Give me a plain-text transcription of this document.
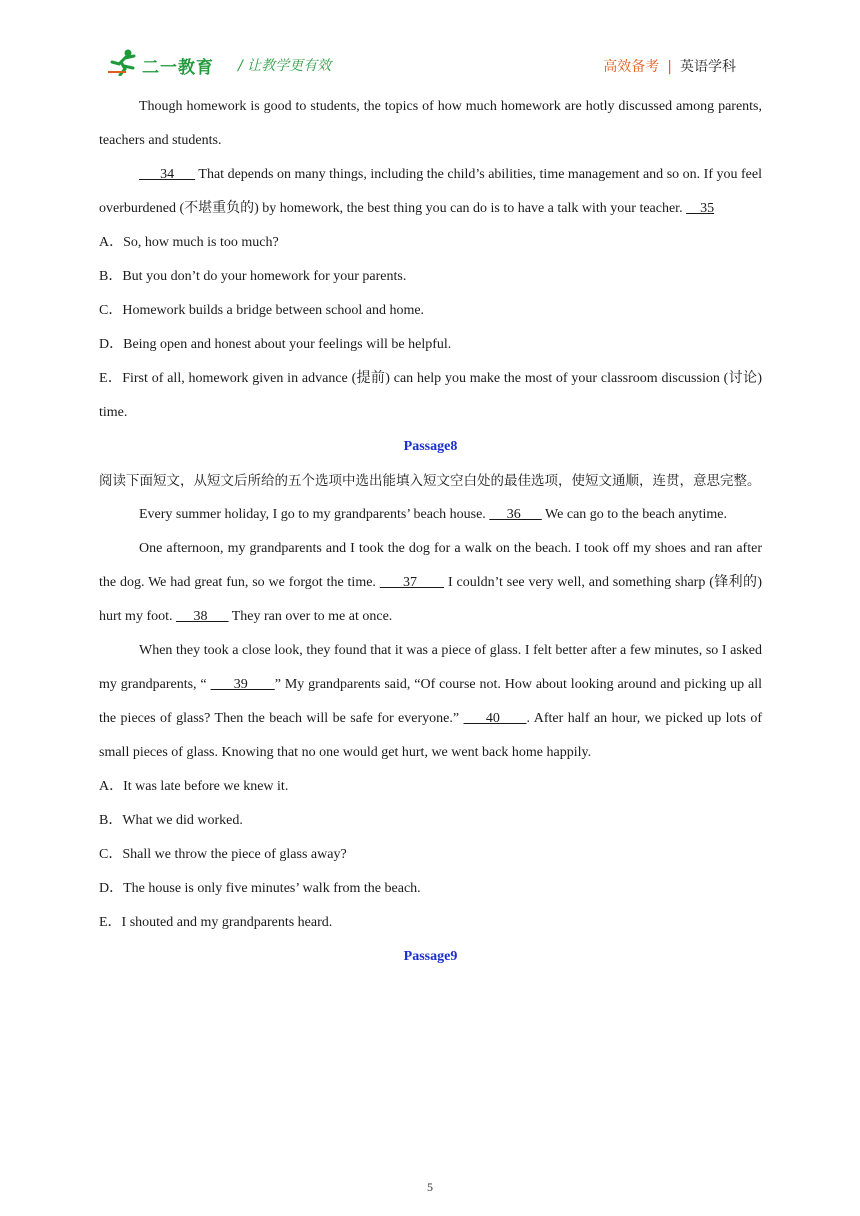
二一教育 / 让教学更有效	高效备考 | 英语学科

Though homework is good to students, the topics of how much homework are hotly discussed among parents, teachers and students.

34       That depends on many things, including the child’s abilities, time management and so on. If you feel overburdened (不堪重负的) by homework, the best thing you can do is to have a talk with your teacher.     35

A．So, how much is too much?

B．But you don’t do your homework for your parents.

C．Homework builds a bridge between school and home.

D．Being open and honest about your feelings will be helpful.

E．First of all, homework given in advance (提前) can help you make the most of your classroom discussion (讨论) time.

Passage8

阅读下面短文，从短文后所给的五个选项中选出能填入短文空白处的最佳选项，使短文通顺，连贯，意思完整。

Every summer holiday, I go to my grandparents’ beach house.      36       We can go to the beach anytime.

One afternoon, my grandparents and I took the dog for a walk on the beach. I took off my shoes and ran after the dog. We had great fun, so we forgot the time.       37        I couldn’t see very well, and something sharp (锋利的) hurt my foot.      38       They ran over to me at once.

When they took a close look, they found that it was a piece of glass. I felt better after a few minutes, so I asked my grandparents, “       39       ” My grandparents said, “Of course not. How about looking around and picking up all the pieces of glass? Then the beach will be safe for everyone.”      40      . After half an hour, we picked up lots of small pieces of glass. Knowing that no one would get hurt, we went back home happily.

A．It was late before we knew it.

B．What we did worked.

C．Shall we throw the piece of glass away?

D．The house is only five minutes’ walk from the beach.

E．I shouted and my grandparents heard.

Passage9

5
